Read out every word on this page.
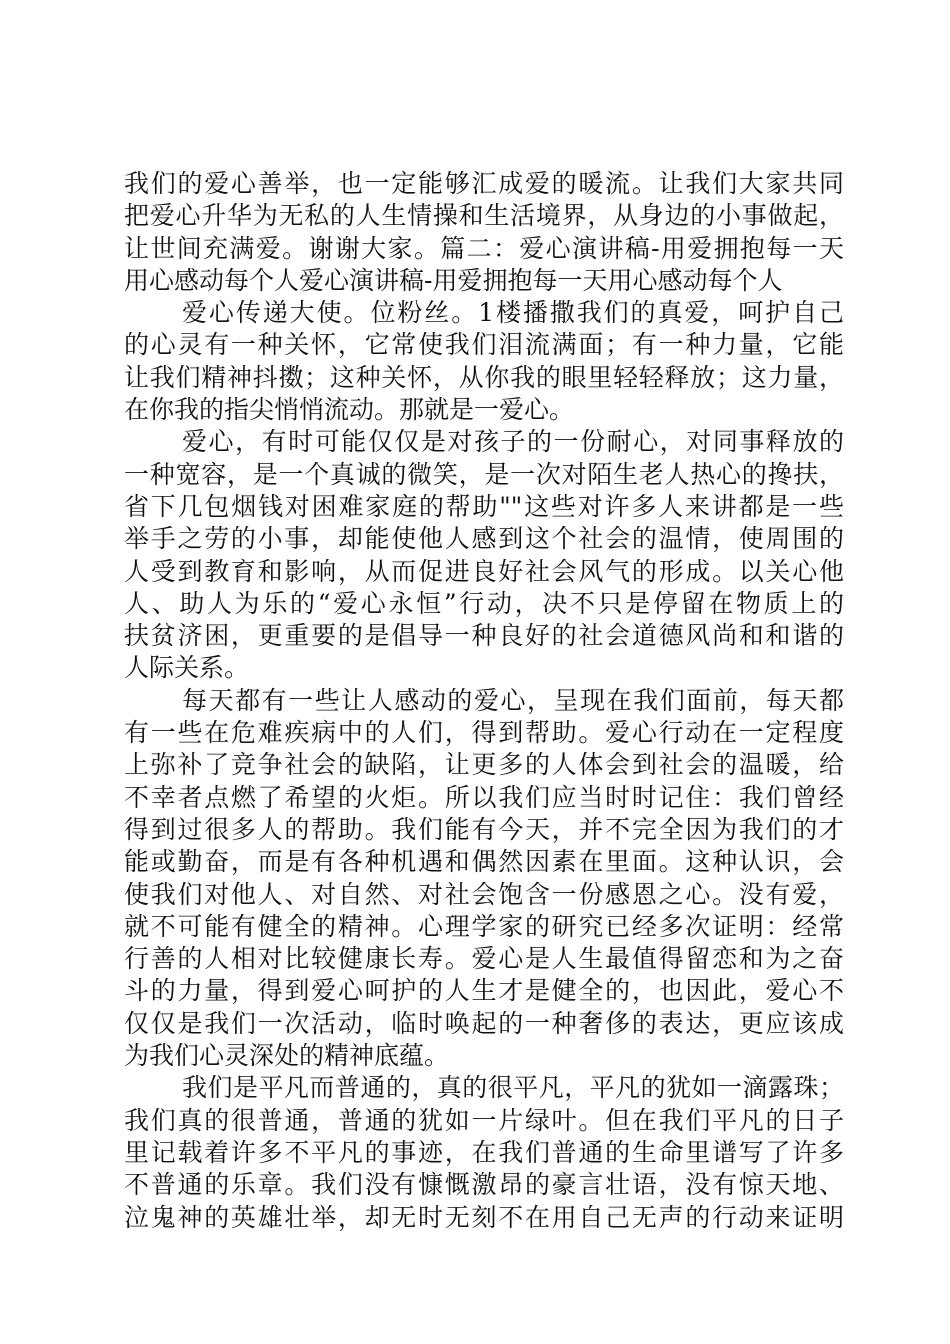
我们的爱心善举，也一定能够汇成爱的暖流。让我们大家共同
把爱心升华为无私的人生情操和生活境界，从身边的小事做起，
让世间充满爱。谢谢大家。篇二：爱心演讲稿-用爱拥抱每一天
用心感动每个人爱心演讲稿-用爱拥抱每一天用心感动每个人
爱心传递大使。位粉丝。1楼播撒我们的真爱，呵护自己
的心灵有一种关怀，它常使我们泪流满面；有一种力量，它能
让我们精神抖擞；这种关怀，从你我的眼里轻轻释放；这力量，
在你我的指尖悄悄流动。那就是一爱心。
爱心，有时可能仅仅是对孩子的一份耐心，对同事释放的
一种宽容，是一个真诚的微笑，是一次对陌生老人热心的搀扶，
省下几包烟钱对困难家庭的帮助""这些对许多人来讲都是一些
举手之劳的小事，却能使他人感到这个社会的温情，使周围的
人受到教育和影响，从而促进良好社会风气的形成。以关心他
人、助人为乐的“爱心永恒”行动，决不只是停留在物质上的
扶贫济困，更重要的是倡导一种良好的社会道德风尚和和谐的
人际关系。
每天都有一些让人感动的爱心，呈现在我们面前，每天都
有一些在危难疾病中的人们，得到帮助。爱心行动在一定程度
上弥补了竞争社会的缺陷，让更多的人体会到社会的温暖，给
不幸者点燃了希望的火炬。所以我们应当时时记住：我们曾经
得到过很多人的帮助。我们能有今天，并不完全因为我们的才
能或勤奋，而是有各种机遇和偶然因素在里面。这种认识，会
使我们对他人、对自然、对社会饱含一份感恩之心。没有爱，
就不可能有健全的精神。心理学家的研究已经多次证明：经常
行善的人相对比较健康长寿。爱心是人生最值得留恋和为之奋
斗的力量，得到爱心呵护的人生才是健全的，也因此，爱心不
仅仅是我们一次活动，临时唤起的一种奢侈的表达，更应该成
为我们心灵深处的精神底蕴。
我们是平凡而普通的，真的很平凡，平凡的犹如一滴露珠；
我们真的很普通，普通的犹如一片绿叶。但在我们平凡的日子
里记载着许多不平凡的事迹，在我们普通的生命里谱写了许多
不普通的乐章。我们没有慷慨激昂的豪言壮语，没有惊天地、
泣鬼神的英雄壮举，却无时无刻不在用自己无声的行动来证明
